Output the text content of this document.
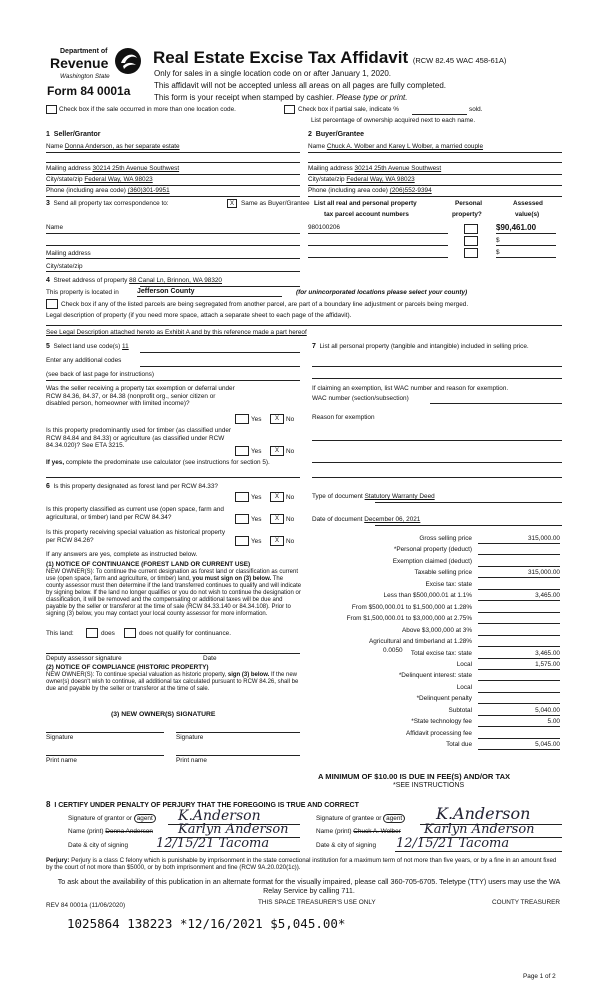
Department of
Revenue
Washington State
Form 84 0001a
Real Estate Excise Tax Affidavit (RCW 82.45 WAC 458-61A)
Only for sales in a single location code on or after January 1, 2020.
This affidavit will not be accepted unless all areas on all pages are fully completed.
This form is your receipt when stamped by cashier. Please type or print.
Check box if the sale occurred in more than one location code.	Check box if partial sale, indicate %	sold.
List percentage of ownership acquired next to each name.
1 Seller/Grantor
Name Donna Anderson, as her separate estate
Mailing address 30214 25th Avenue Southwest
City/state/zip Federal Way, WA 98023
Phone (including area code) (360)301-9951
2 Buyer/Grantee
Name Chuck A. Wolber and Karey L Wolber, a married couple
Mailing address 30214 25th Avenue Southwest
City/state/zip Federal Way, WA 98023
Phone (including area code) (206)552-9394
3 Send all property tax correspondence to:	X	Same as Buyer/Grantee
Name
Mailing address
City/state/zip
List all real and personal property
tax parcel account numbers
Personal
property?
Assessed
value(s)
980100206	$90,461.00
$
$
4 Street address of property 88 Canal Ln, Brinnon, WA 98320
This property is located in	Jefferson County	(for unincorporated locations please select your county)
Check box if any of the listed parcels are being segregated from another parcel, are part of a boundary line adjustment or parcels being merged.
Legal description of property (if you need more space, attach a separate sheet to each page of the affidavit).
See Legal Description attached hereto as Exhibit A and by this reference made a part hereof
5 Select land use code(s) 11
Enter any additional codes
(see back of last page for instructions)
Was the seller receiving a property tax exemption or deferral under RCW 84.36, 84.37, or 84.38 (nonprofit org., senior citizen or disabled person, homeowner with limited income)?
Yes	X	No
Is this property predominantly used for timber (as classified under RCW 84.84 and 84.33) or agriculture (as classified under RCW 84.34.020)? See ETA 3215.
Yes	X	No
If yes, complete the predominate use calculator (see instructions for section 5).
7 List all personal property (tangible and intangible) included in selling price.
If claiming an exemption, list WAC number and reason for exemption.
WAC number (section/subsection)
Reason for exemption
Type of document Statutory Warranty Deed
Date of document December 06, 2021
6 Is this property designated as forest land per RCW 84.33?
Yes	X	No
Is this property classified as current use (open space, farm and agricultural, or timber) land per RCW 84.34?	Yes	X	No
Is this property receiving special valuation as historical property per RCW 84.26?	Yes	X	No
If any answers are yes, complete as instructed below.
(1) NOTICE OF CONTINUANCE (FOREST LAND OR CURRENT USE)
NEW OWNER(S): To continue the current designation as forest land or classification as current use (open space, farm and agriculture, or timber) land, you must sign on (3) below. The county assessor must then determine if the land transferred continues to qualify and will indicate by signing below. If the land no longer qualifies or you do not wish to continue the designation or classification, it will be removed and the compensating or additional taxes will be due and payable by the seller or transferor at the time of sale (RCW 84.33.140 or 84.34.108). Prior to signing (3) below, you may contact your local county assessor for more information.
This land:	does	does not qualify for continuance.
Deputy assessor signature	Date
(2) NOTICE OF COMPLIANCE (HISTORIC PROPERTY)
NEW OWNER(S): To continue special valuation as historic property, sign (3) below. If the new owner(s) doesn't wish to continue, all additional tax calculated pursuant to RCW 84.26, shall be due and payable by the seller or transferor at the time of sale.
(3) NEW OWNER(S) SIGNATURE
Signature	Signature
Print name	Print name
Gross selling price	315,000.00
*Personal property (deduct)
Exemption claimed (deduct)
Taxable selling price	315,000.00
Excise tax: state
Less than $500,000.01 at 1.1%	3,465.00
From $500,000.01 to $1,500,000 at 1.28%
From $1,500,000.01 to $3,000,000 at 2.75%
Above $3,000,000 at 3%
Agricultural and timberland at 1.28%
Total excise tax: state	3,465.00
Local	1,575.00
*Delinquent interest: state
Local
*Delinquent penalty
Subtotal	5,040.00
*State technology fee	5.00
Affidavit processing fee
Total due	5,045.00
0.0050
A MINIMUM OF $10.00 IS DUE IN FEE(S) AND/OR TAX
*SEE INSTRUCTIONS
8 I CERTIFY UNDER PENALTY OF PERJURY THAT THE FOREGOING IS TRUE AND CORRECT
Signature of grantor or agent K.Anderson
Name (print) Donna Anderson Karlyn Anderson
Date & city of signing 12/15/21 Tacoma
Signature of grantee or agent K.Anderson
Name (print) Chuck A. Wolber Karlyn Anderson
Date & city of signing 12/15/21 Tacoma
Perjury: Perjury is a class C felony which is punishable by imprisonment in the state correctional institution for a maximum term of not more than five years, or by a fine in an amount fixed by the court of not more than $5000, or by both imprisonment and fine (RCW 9A.20.020(1c)).
To ask about the availability of this publication in an alternate format for the visually impaired, please call 360-705-6705. Teletype (TTY) users may use the WA Relay Service by calling 711.
REV 84 0001a (11/06/2020)	THIS SPACE TREASURER'S USE ONLY	COUNTY TREASURER
1025864 138223 *12/16/2021 $5,045.00*
Page 1 of 2
